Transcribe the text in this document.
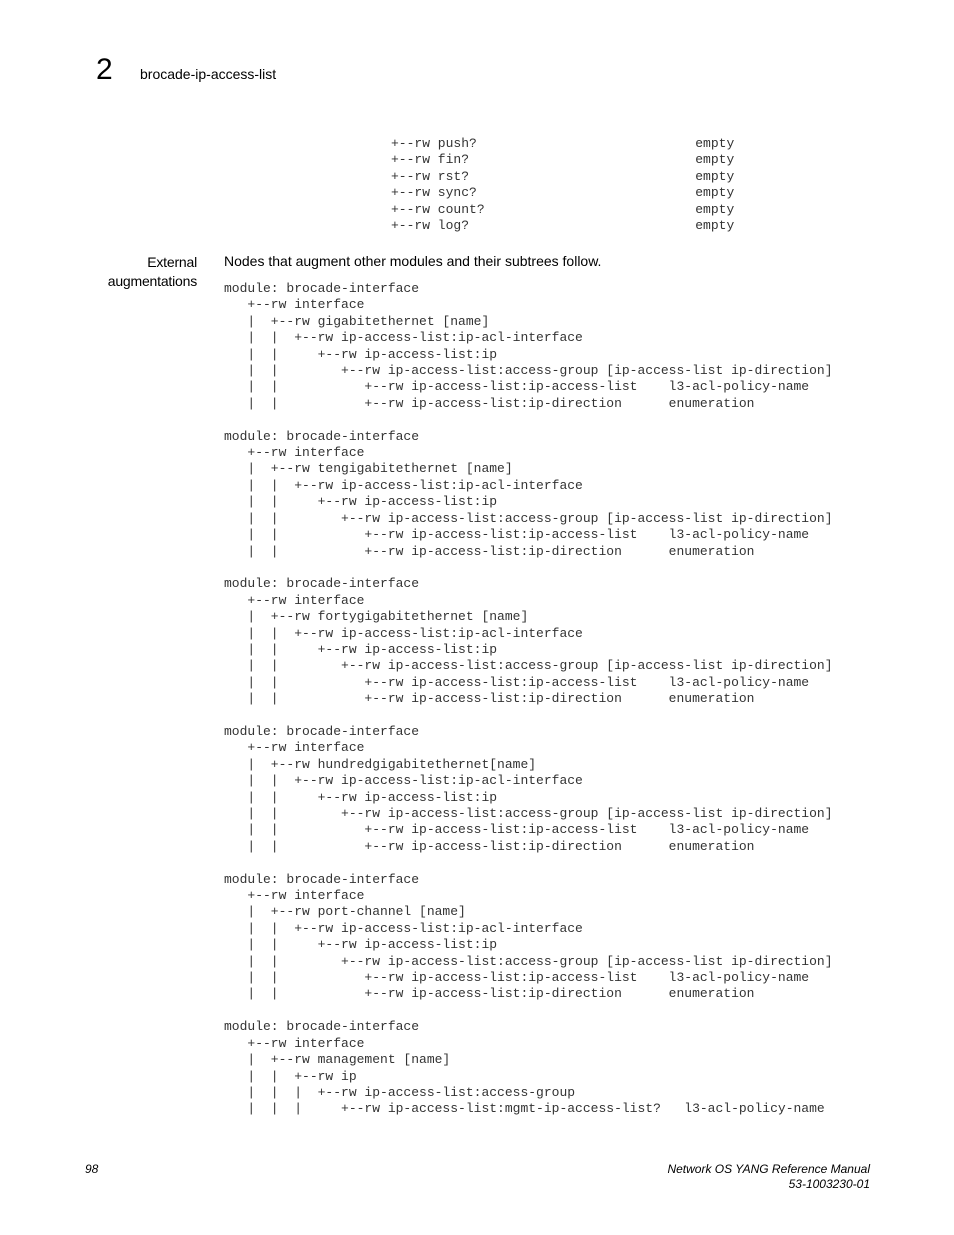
2 brocade-ip-access-list
+--rw push?                            empty
+--rw fin?                             empty
+--rw rst?                             empty
+--rw sync?                            empty
+--rw count?                           empty
+--rw log?                             empty
External
augmentations
Nodes that augment other modules and their subtrees follow.
module: brocade-interface
+--rw interface
|  +--rw gigabitethernet [name]
|  |  +--rw ip-access-list:ip-acl-interface
|  |     +--rw ip-access-list:ip
|  |        +--rw ip-access-list:access-group [ip-access-list ip-direction]
|  |           +--rw ip-access-list:ip-access-list    l3-acl-policy-name
|  |           +--rw ip-access-list:ip-direction      enumeration

module: brocade-interface
+--rw interface
|  +--rw tengigabitethernet [name]
|  |  +--rw ip-access-list:ip-acl-interface
|  |     +--rw ip-access-list:ip
|  |        +--rw ip-access-list:access-group [ip-access-list ip-direction]
|  |           +--rw ip-access-list:ip-access-list    l3-acl-policy-name
|  |           +--rw ip-access-list:ip-direction      enumeration

module: brocade-interface
+--rw interface
|  +--rw fortygigabitethernet [name]
|  |  +--rw ip-access-list:ip-acl-interface
|  |     +--rw ip-access-list:ip
|  |        +--rw ip-access-list:access-group [ip-access-list ip-direction]
|  |           +--rw ip-access-list:ip-access-list    l3-acl-policy-name
|  |           +--rw ip-access-list:ip-direction      enumeration

module: brocade-interface
+--rw interface
|  +--rw hundredgigabitethernet[name]
|  |  +--rw ip-access-list:ip-acl-interface
|  |     +--rw ip-access-list:ip
|  |        +--rw ip-access-list:access-group [ip-access-list ip-direction]
|  |           +--rw ip-access-list:ip-access-list    l3-acl-policy-name
|  |           +--rw ip-access-list:ip-direction      enumeration

module: brocade-interface
+--rw interface
|  +--rw port-channel [name]
|  |  +--rw ip-access-list:ip-acl-interface
|  |     +--rw ip-access-list:ip
|  |        +--rw ip-access-list:access-group [ip-access-list ip-direction]
|  |           +--rw ip-access-list:ip-access-list    l3-acl-policy-name
|  |           +--rw ip-access-list:ip-direction      enumeration

module: brocade-interface
+--rw interface
|  +--rw management [name]
|  |  +--rw ip
|  |  |  +--rw ip-access-list:access-group
|  |  |     +--rw ip-access-list:mgmt-ip-access-list?   l3-acl-policy-name
98	Network OS YANG Reference Manual
53-1003230-01
